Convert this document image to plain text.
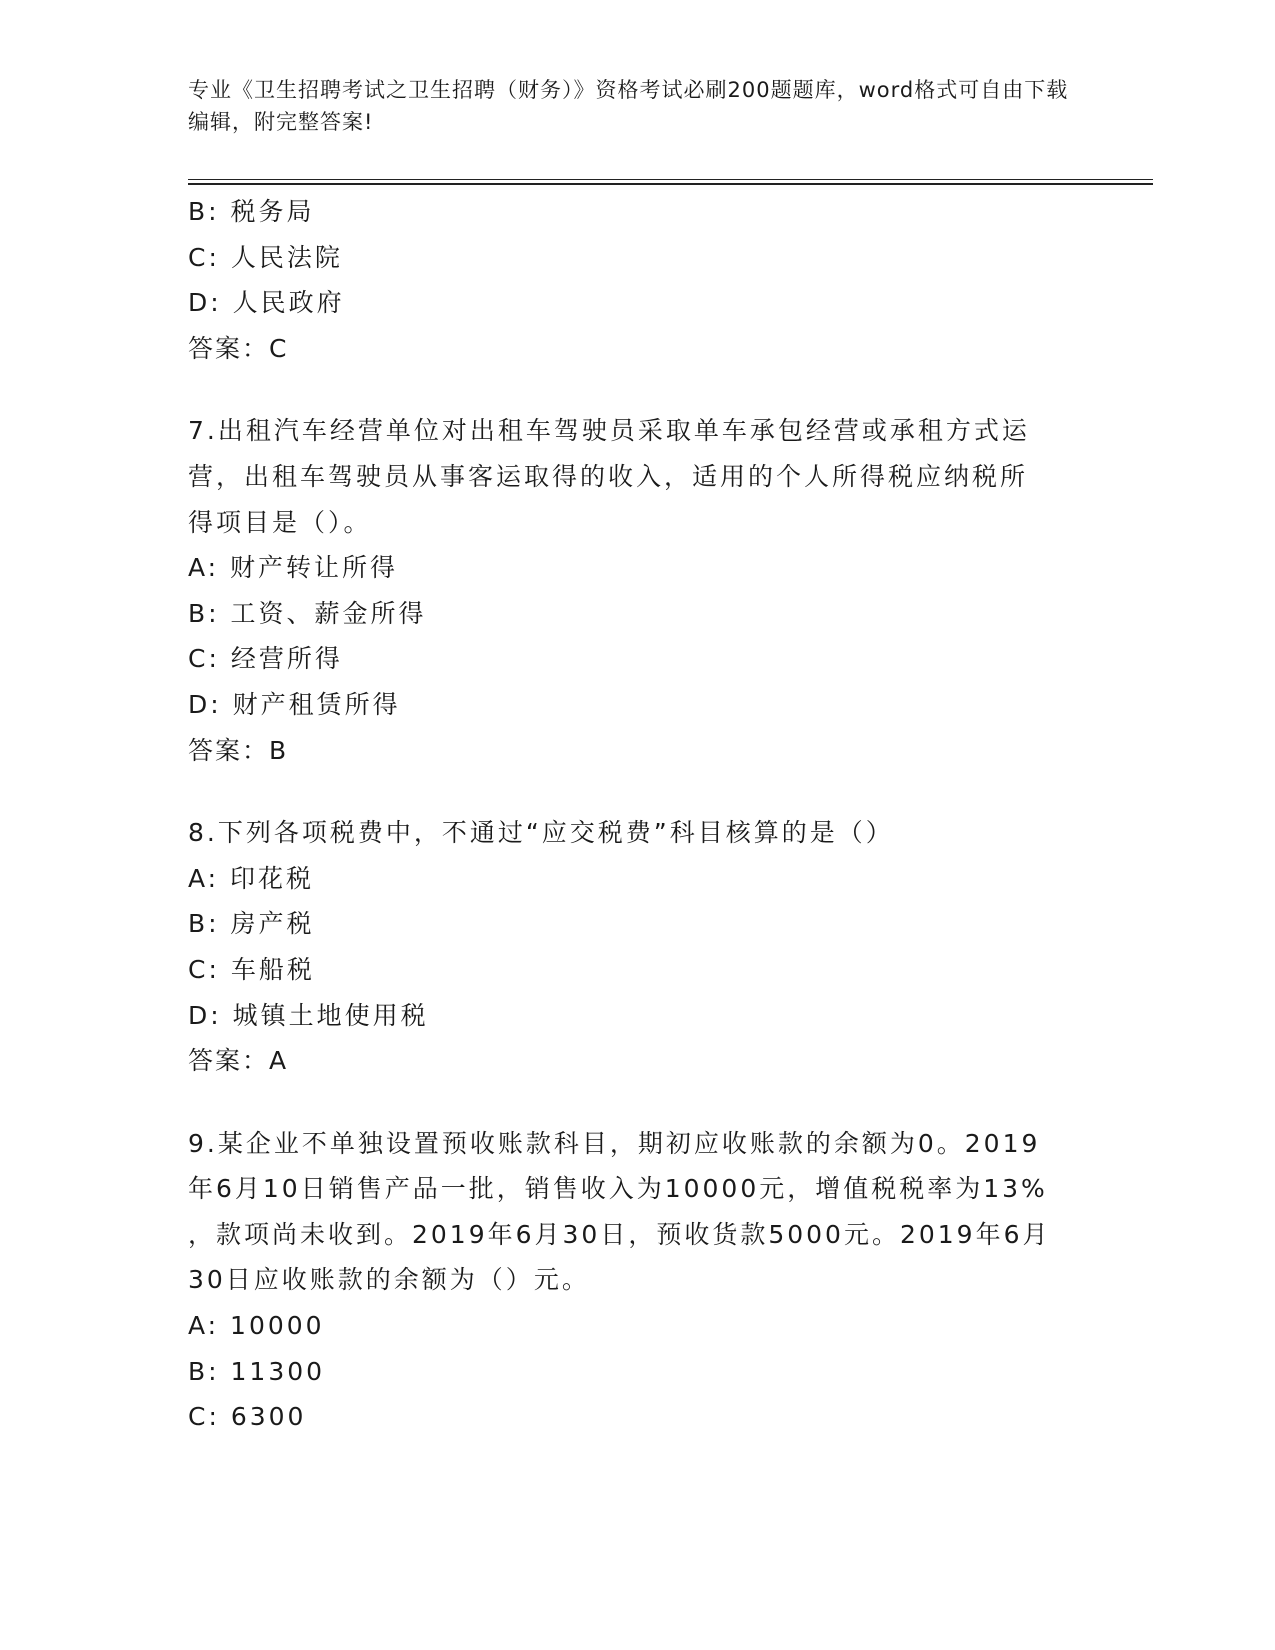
专业《卫生招聘考试之卫生招聘（财务）》资格考试必刷200题题库，word格式可自由下载编辑，附完整答案!
B: 税务局
C: 人民法院
D: 人民政府
答案：C
7.出租汽车经营单位对出租车驾驶员采取单车承包经营或承租方式运
营，出租车驾驶员从事客运取得的收入，适用的个人所得税应纳税所
得项目是（）。
A: 财产转让所得
B: 工资、薪金所得
C: 经营所得
D: 财产租赁所得
答案：B
8.下列各项税费中，不通过“应交税费”科目核算的是（）
A: 印花税
B: 房产税
C: 车船税
D: 城镇土地使用税
答案：A
9.某企业不单独设置预收账款科目，期初应收账款的余额为0。2019
年6月10日销售产品一批，销售收入为10000元，增值税税率为13%
，款项尚未收到。2019年6月30日，预收货款5000元。2019年6月
30日应收账款的余额为（）元。
A: 10000
B: 11300
C: 6300
